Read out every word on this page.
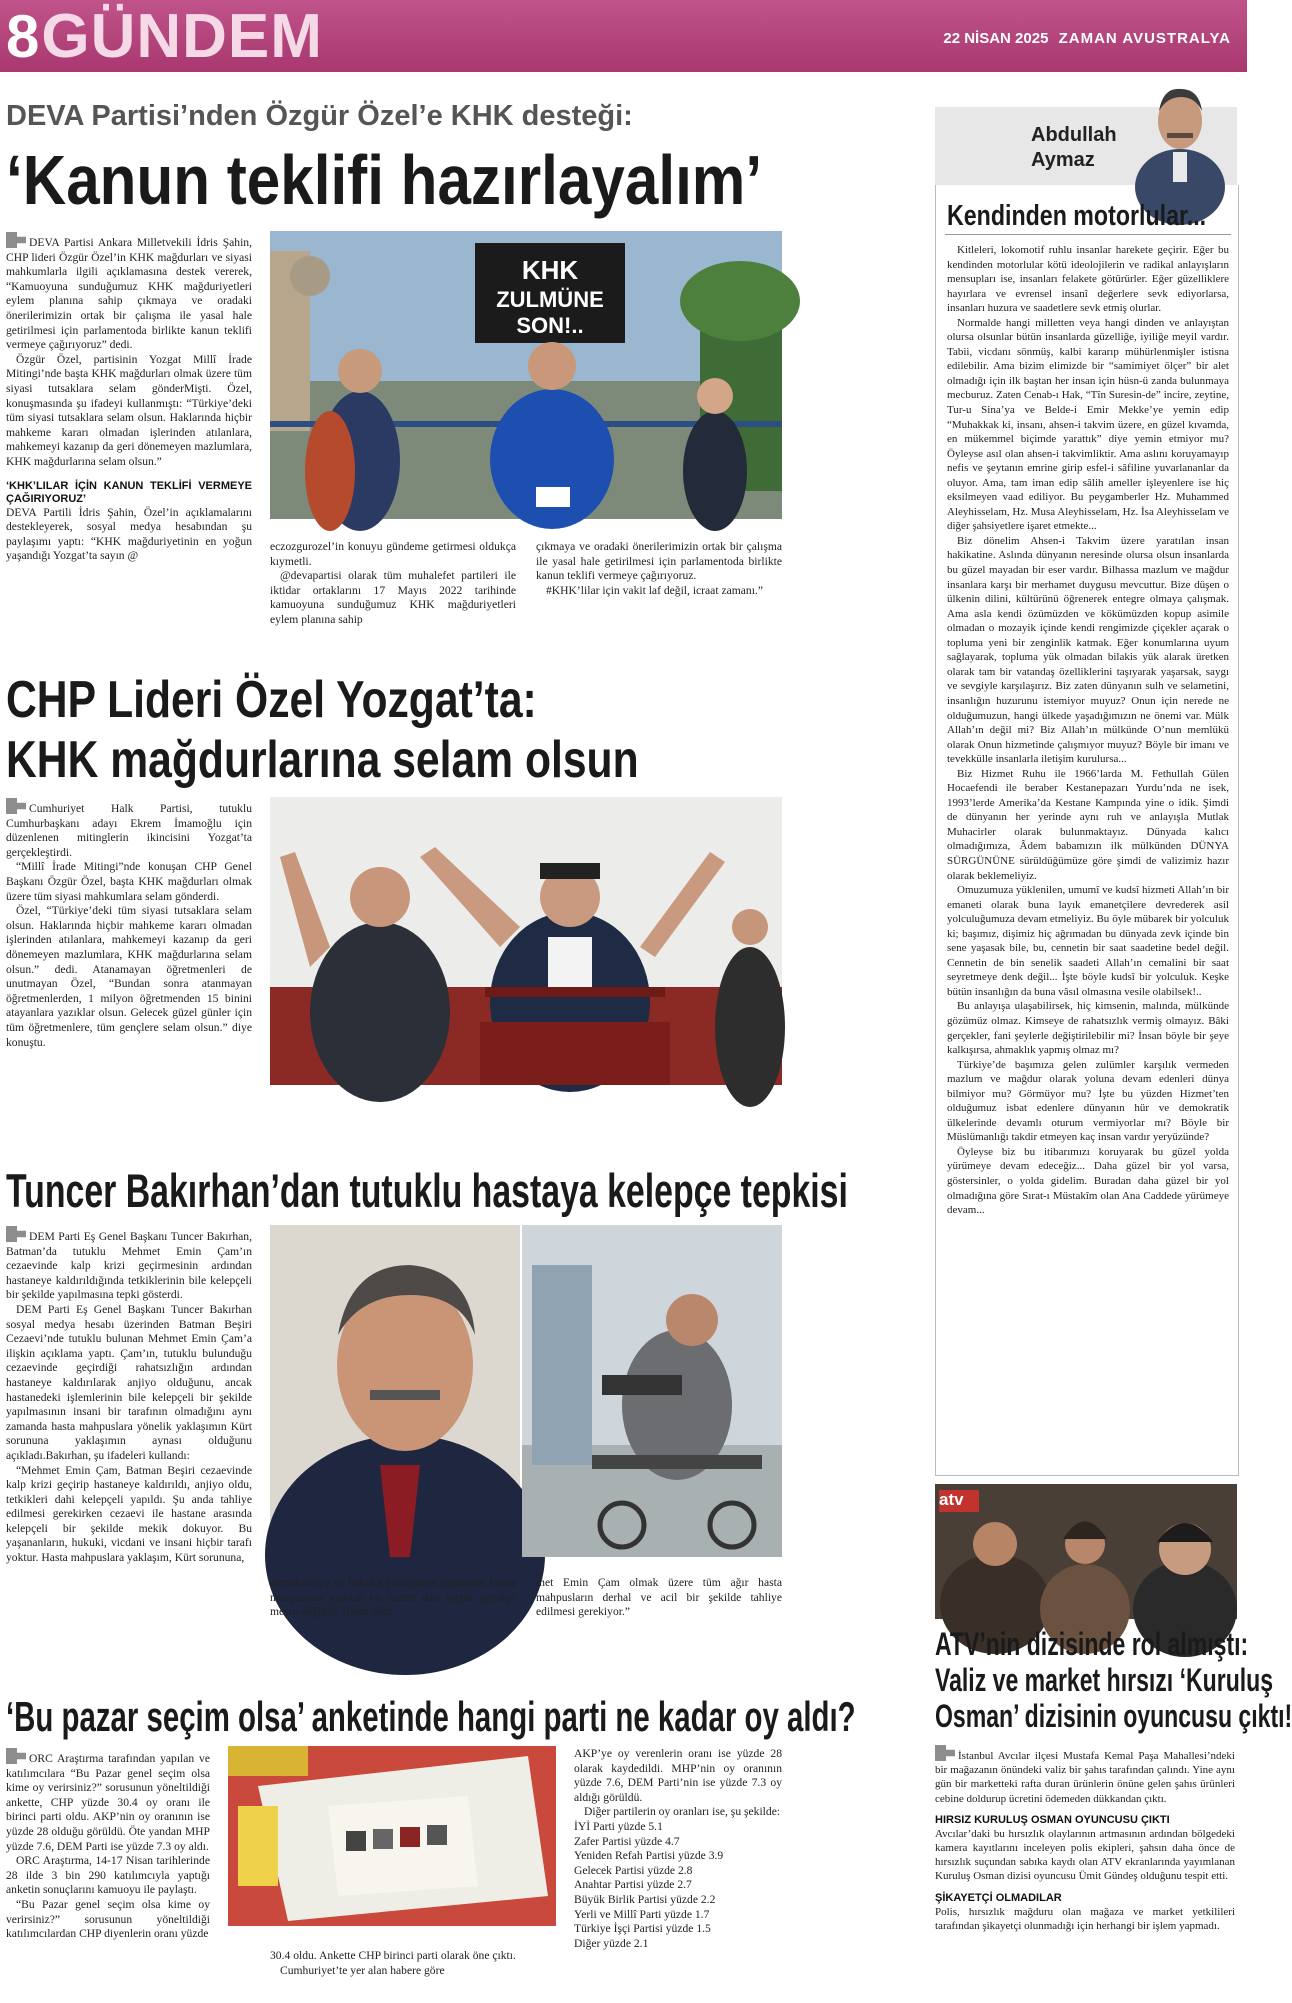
8 GÜNDEM	22 NİSAN 2025 ZAMAN AVUSTRALYA
DEVA Partisi’nden Özgür Özel’e KHK desteği:
‘Kanun teklifi hazırlayalım’

DEVA Partisi Ankara Milletvekili İdris Şahin, CHP lideri Özgür Özel’in KHK mağdurları ve siyasi mahkumlarla ilgili açıklamasına destek vererek, “Kamuoyuna sunduğumuz KHK mağduriyetleri eylem planına sahip çıkmaya ve oradaki önerilerimizin ortak bir çalışma ile yasal hale getirilmesi için parlamentoda birlikte kanun teklifi vermeye çağırıyoruz” dedi.

Özgür Özel, partisinin Yozgat Millî İrade Mitingi’nde başta KHK mağdurları olmak üzere tüm siyasi tutsaklara selam gönderMişti. Özel, konuşmasında şu ifadeyi kullanmıştı: “Türkiye’deki tüm siyasi tutsaklara selam olsun. Haklarında hiçbir mahkeme kararı olmadan işlerinden atılanlara, mahkemeyi kazanıp da geri dönemeyen mazlumlara, KHK mağdurlarına selam olsun.”

‘KHK’LILAR İÇİN KANUN TEKLİFİ VERMEYE ÇAĞIRIYORUZ’

DEVA Partili İdris Şahin, Özel’in açıklamalarını destekleyerek, sosyal medya hesabından şu paylaşımı yaptı: “KHK mağduriyetinin en yoğun yaşandığı Yozgat’ta sayın @

KHK
ZULMÜNE
SON!..

eczozgurozel’in konuyu gündeme getirmesi oldukça kıymetli.

@devapartisi olarak tüm muhalefet partileri ile iktidar ortaklarını 17 Mayıs 2022 tarihinde kamuoyuna sunduğumuz KHK mağduriyetleri eylem planına sahip

çıkmaya ve oradaki önerilerimizin ortak bir çalışma ile yasal hale getirilmesi için parlamentoda birlikte kanun teklifi vermeye çağırıyoruz.

#KHK’lilar için vakit laf değil, icraat zamanı.”

CHP Lideri Özel Yozgat’ta:
KHK mağdurlarına selam olsun

Cumhuriyet Halk Partisi, tutuklu Cumhurbaşkanı adayı Ekrem İmamoğlu için düzenlenen mitinglerin ikincisini Yozgat’ta gerçekleştirdi.

“Millî İrade Mitingi”nde konuşan CHP Genel Başkanı Özgür Özel, başta KHK mağdurları olmak üzere tüm siyasi mahkumlara selam gönderdi.

Özel, “Türkiye’deki tüm siyasi tutsaklara selam olsun. Haklarında hiçbir mahkeme kararı olmadan işlerinden atılanlara, mahkemeyi kazanıp da geri dönemeyen mazlumlara, KHK mağdurlarına selam olsun.” dedi. Atanamayan öğretmenleri de unutmayan Özel, “Bundan sonra atanmayan öğretmenlerden, 1 milyon öğretmenden 15 binini atayanlara yazıklar olsun. Gelecek güzel günler için tüm öğretmenlere, tüm gençlere selam olsun.” diye konuştu.

Tuncer Bakırhan’dan tutuklu hastaya kelepçe tepkisi

DEM Parti Eş Genel Başkanı Tuncer Bakırhan, Batman’da tutuklu Mehmet Emin Çam’ın cezaevinde kalp krizi geçirmesinin ardından hastaneye kaldırıldığında tetkiklerinin bile kelepçeli bir şekilde yapılmasına tepki gösterdi.

DEM Parti Eş Genel Başkanı Tuncer Bakırhan sosyal medya hesabı üzerinden Batman Beşiri Cezaevi’nde tutuklu bulunan Mehmet Emin Çam’a ilişkin açıklama yaptı. Çam’ın, tutuklu bulunduğu cezaevinde geçirdiği rahatsızlığın ardından hastaneye kaldırılarak anjiyo olduğunu, ancak hastanedeki işlemlerinin bile kelepçeli bir şekilde yapılmasının insani bir tarafının olmadığını aynı zamanda hasta mahpuslara yönelik yaklaşımın Kürt sorununa yaklaşımın aynası olduğunu açıkladı.Bakırhan, şu ifadeleri kullandı:

“Mehmet Emin Çam, Batman Beşiri cezaevinde kalp krizi geçirip hastaneye kaldırıldı, anjiyo oldu, tetkikleri dahi kelepçeli yapıldı. Şu anda tahliye edilmesi gerekirken cezaevi ile hastane arasında kelepçeli bir şekilde mekik dokuyor. Bu yaşananların, hukuki, vicdani ve insani hiçbir tarafı yoktur. Hasta mahpuslara yaklaşım, Kürt sorununa,

demokrasiye ve hukuka yaklaşımın aynasıdır. Hasta mahpuslara yapılan bu zulme dair hiçbir gerekçe meşru değildir. Başta Meh-

met Emin Çam olmak üzere tüm ağır hasta mahpusların derhal ve acil bir şekilde tahliye edilmesi gerekiyor.”

‘Bu pazar seçim olsa’ anketinde hangi parti ne kadar oy aldı?

ORC Araştırma tarafından yapılan ve katılımcılara “Bu Pazar genel seçim olsa kime oy verirsiniz?” sorusunun yöneltildiği ankette, CHP yüzde 30.4 oy oranı ile birinci parti oldu. AKP’nin oy oranının ise yüzde 28 olduğu görüldü. Öte yandan MHP yüzde 7.6, DEM Parti ise yüzde 7.3 oy aldı.

ORC Araştırma, 14-17 Nisan tarihlerinde 28 ilde 3 bin 290 katılımcıyla yaptığı anketin sonuçlarını kamuoyu ile paylaştı.

“Bu Pazar genel seçim olsa kime oy verirsiniz?” sorusunun yöneltildiği katılımcılardan CHP diyenlerin oranı yüzde

30.4 oldu. Ankette CHP birinci parti olarak öne çıktı.

Cumhuriyet’te yer alan habere göre

AKP’ye oy verenlerin oranı ise yüzde 28 olarak kaydedildi. MHP’nin oy oranının yüzde 7.6, DEM Parti’nin ise yüzde 7.3 oy aldığı görüldü.

Diğer partilerin oy oranları ise, şu şekilde:

İYİ Parti yüzde 5.1
Zafer Partisi yüzde 4.7
Yeniden Refah Partisi yüzde 3.9
Gelecek Partisi yüzde 2.8
Anahtar Partisi yüzde 2.7
Büyük Birlik Partisi yüzde 2.2
Yerli ve Millî Parti yüzde 1.7
Türkiye İşçi Partisi yüzde 1.5
Diğer yüzde 2.1
Abdullah
Aymaz
Kendinden motorlular...

Kitleleri, lokomotif ruhlu insanlar harekete geçirir. Eğer bu kendinden motorlular kötü ideolojilerin ve radikal anlayışların mensupları ise, insanları felakete götürürler. Eğer güzelliklere hayırlara ve evrensel insanî değerlere sevk ediyorlarsa, insanları huzura ve saadetlere sevk etmiş olurlar.

Normalde hangi milletten veya hangi dinden ve anlayıştan olursa olsunlar bütün insanlarda güzelliğe, iyiliğe meyil vardır. Tabii, vicdanı sönmüş, kalbi kararıp mühürlenmişler istisna edilebilir. Ama bizim elimizde bir “samimiyet ölçer” bir alet olmadığı için ilk baştan her insan için hüsn-ü zanda bulunmaya mecburuz. Zaten Cenab-ı Hak, “Tîn Suresin-de” incire, zeytine, Tur-u Sina’ya ve Belde-i Emir Mekke’ye yemin edip “Muhakkak ki, insanı, ahsen-i takvim üzere, en güzel kıvamda, en mükemmel biçimde yarattık” diye yemin etmiyor mu? Öyleyse asıl olan ahsen-i takvimliktir. Ama aslını koruyamayıp nefis ve şeytanın emrine girip esfel-i sâfiline yuvarlananlar da oluyor. Ama, tam iman edip sâlih ameller işleyenlere ise hiç eksilmeyen vaad ediliyor. Bu peygamberler Hz. Muhammed Aleyhisselam, Hz. Musa Aleyhisselam, Hz. İsa Aleyhisselam ve diğer şahsiyetlere işaret etmekte...

Biz dönelim Ahsen-i Takvim üzere yaratılan insan hakikatine. Aslında dünyanın neresinde olursa olsun insanlarda bu güzel mayadan bir eser vardır. Bilhassa mazlum ve mağdur insanlara karşı bir merhamet duygusu mevcuttur. Bize düşen o ülkenin dilini, kültürünü öğrenerek entegre olmaya çalışmak. Ama asla kendi özümüzden ve kökümüzden kopup asimile olmadan o mozayik içinde kendi rengimizde çiçekler açarak o topluma yeni bir zenginlik katmak. Eğer konumlarına uyum sağlayarak, topluma yük olmadan bilakis yük alarak üretken olarak tam bir vatandaş özelliklerini taşıyarak yaşarsak, saygı ve sevgiyle karşılaşırız. Biz zaten dünyanın sulh ve selametini, insanlığın huzurunu istemiyor muyuz? Onun için nerede ne olduğumuzun, hangi ülkede yaşadığımızın ne önemi var. Mülk Allah’ın değil mi? Biz Allah’ın mülkünde O’nun memlükü olarak Onun hizmetinde çalışmıyor muyuz? Böyle bir imanı ve tevekkülle insanlarla iletişim kurulursa...

Biz Hizmet Ruhu ile 1966’larda M. Fethullah Gülen Hocaefendi ile beraber Kestanepazarı Yurdu’nda ne isek, 1993’lerde Amerika’da Kestane Kampında yine o idik. Şimdi de dünyanın her yerinde aynı ruh ve anlayışla Mutlak Muhacirler olarak bulunmaktayız. Dünyada kalıcı olmadığımıza, Âdem babamızın ilk mülkünden DÜNYA SÜRGÜNÜNE sürüldüğümüze göre şimdi de valizimiz hazır olarak beklemeliyiz.

Omuzumuza yüklenilen, umumî ve kudsî hizmeti Allah’ın bir emaneti olarak buna layık emanetçilere devrederek asil yolculuğumuza devam etmeliyiz. Bu öyle mübarek bir yolculuk ki; başımız, dişimiz hiç ağrımadan bu dünyada zevk içinde bin sene yaşasak bile, bu, cennetin bir saat saadetine bedel değil. Cennetin de bin senelik saadeti Allah’ın cemalini bir saat seyretmeye denk değil... İşte böyle kudsî bir yolculuk. Keşke bütün insanlığın da buna vâsıl olmasına vesile olabilsek!..

Bu anlayışa ulaşabilirsek, hiç kimsenin, malında, mülkünde gözümüz olmaz. Kimseye de rahatsızlık vermiş olmayız. Bâki gerçekler, fani şeylerle değiştirilebilir mi? İnsan böyle bir şeye kalkışırsa, ahmaklık yapmış olmaz mı?

Türkiye’de başımıza gelen zulümler karşılık vermeden mazlum ve mağdur olarak yoluna devam edenleri dünya bilmiyor mu? Görmüyor mu? İşte bu yüzden Hizmet’ten olduğumuz isbat edenlere dünyanın hür ve demokratik ülkelerinde devamlı oturum vermiyorlar mı? Böyle bir Müslümanlığı takdir etmeyen kaç insan vardır yeryüzünde?

Öyleyse biz bu itibarımızı koruyarak bu güzel yolda yürümeye devam edeceğiz... Daha güzel bir yol varsa, göstersinler, o yolda gidelim. Buradan daha güzel bir yol olmadığına göre Sırat-ı Müstakîm olan Ana Caddede yürümeye devam...

atv
ATV’nin dizisinde rol almıştı:
Valiz ve market hırsızı ‘Kuruluş
Osman’ dizisinin oyuncusu çıktı!

İstanbul Avcılar ilçesi Mustafa Kemal Paşa Mahallesi’ndeki bir mağazanın önündeki valiz bir şahıs tarafından çalındı. Yine aynı gün bir marketteki rafta duran ürünlerin önüne gelen şahıs ürünleri cebine doldurup ücretini ödemeden dükkandan çıktı.

HIRSIZ KURULUŞ OSMAN OYUNCUSU ÇIKTI

Avcılar’daki bu hırsızlık olaylarının artmasının ardından bölgedeki kamera kayıtlarını inceleyen polis ekipleri, şahsın daha önce de hırsızlık suçundan sabıka kaydı olan ATV ekranlarında yayımlanan Kuruluş Osman dizisi oyuncusu Ümit Gündeş olduğunu tespit etti.

ŞİKAYETÇİ OLMADILAR

Polis, hırsızlık mağduru olan mağaza ve market yetkilileri tarafından şikayetçi olunmadığı için herhangi bir işlem yapmadı.
